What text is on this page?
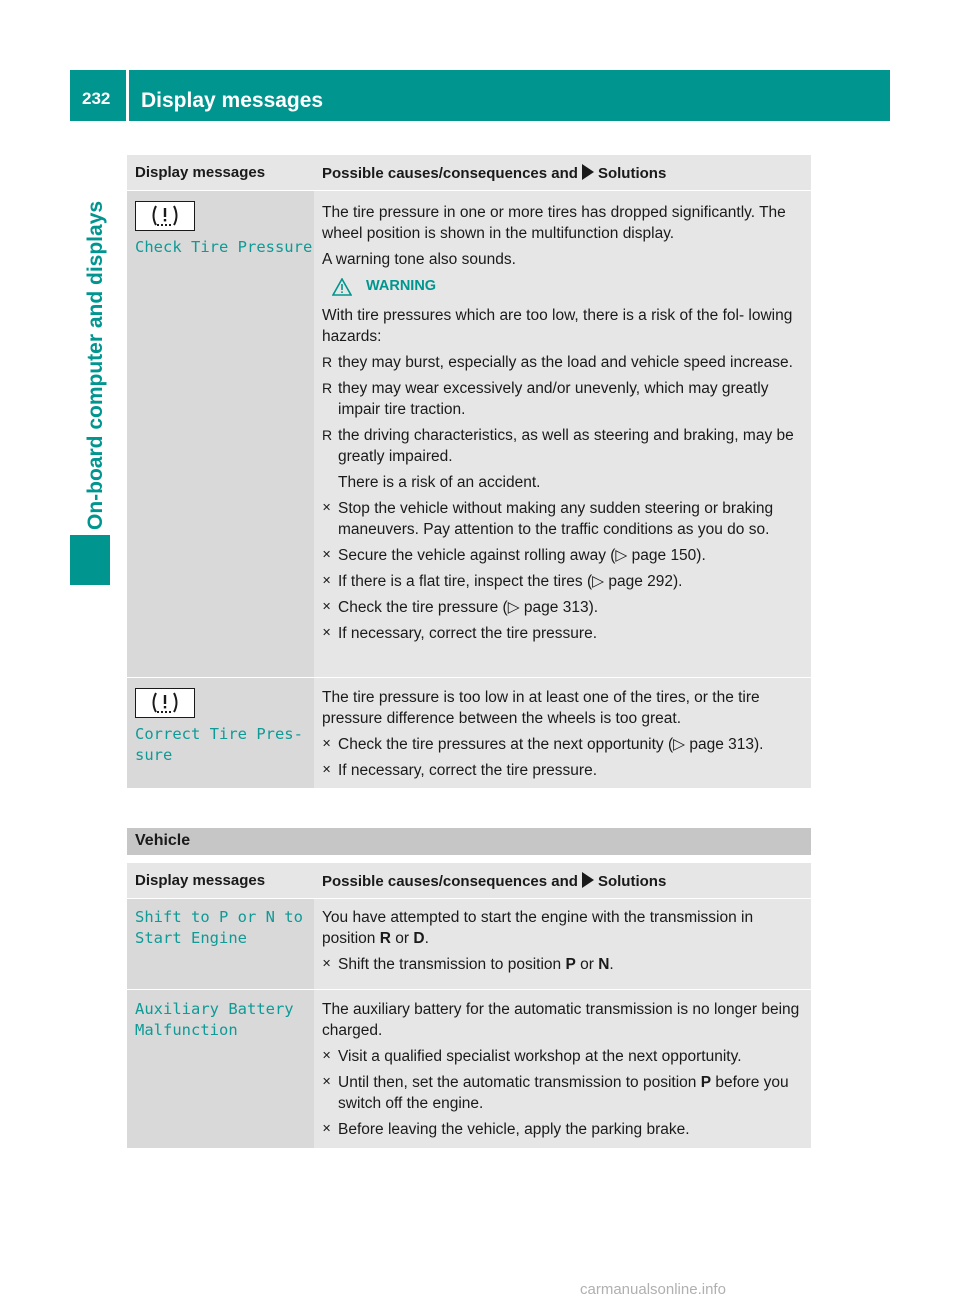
232 Display messages
On-board computer and displays
Display messages	Possible causes/consequences and Solutions
Check Tire Pressure
The tire pressure in one or more tires has dropped significantly. The wheel position is shown in the multifunction display.
A warning tone also sounds.
WARNING
With tire pressures which are too low, there is a risk of the fol- lowing hazards:
R they may burst, especially as the load and vehicle speed increase.
R they may wear excessively and/or unevenly, which may greatly impair tire traction.
R the driving characteristics, as well as steering and braking, may be greatly impaired.
There is a risk of an accident.
✕ Stop the vehicle without making any sudden steering or braking maneuvers. Pay attention to the traffic conditions as you do so.
✕ Secure the vehicle against rolling away (▷ page 150).
✕ If there is a flat tire, inspect the tires (▷ page 292).
✕ Check the tire pressure (▷ page 313).
✕ If necessary, correct the tire pressure.
Correct Tire Pres‐ sure
The tire pressure is too low in at least one of the tires, or the tire pressure difference between the wheels is too great.
✕ Check the tire pressures at the next opportunity (▷ page 313).
✕ If necessary, correct the tire pressure.
Vehicle
Display messages	Possible causes/consequences and Solutions
Shift to P or N to
Start Engine
You have attempted to start the engine with the transmission in position R or D.
✕ Shift the transmission to position P or N.
Auxiliary Battery
Malfunction
The auxiliary battery for the automatic transmission is no longer being charged.
✕ Visit a qualified specialist workshop at the next opportunity.
✕ Until then, set the automatic transmission to position P before you switch off the engine.
✕ Before leaving the vehicle, apply the parking brake.
carmanualsonline.info
